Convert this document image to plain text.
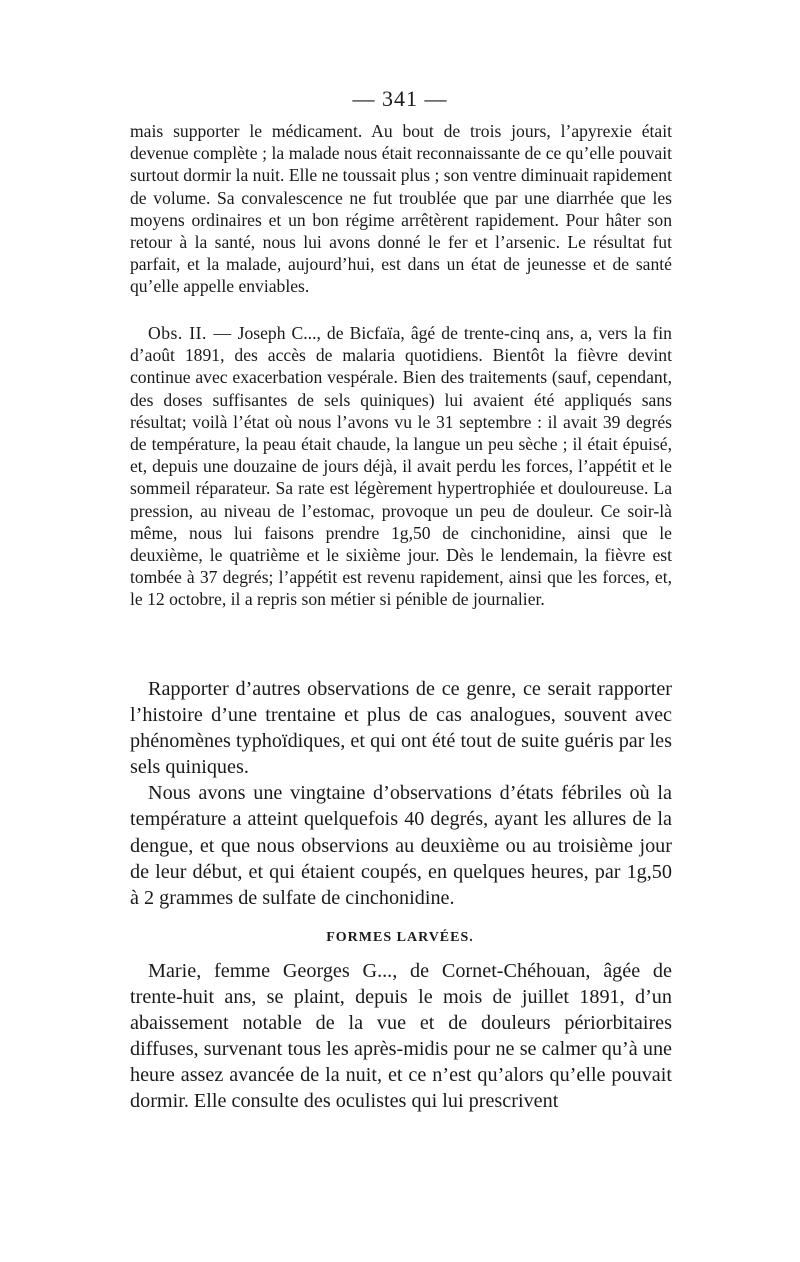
— 341 —

mais supporter le médicament. Au bout de trois jours, l’apyrexie était devenue complète ; la malade nous était reconnaissante de ce qu’elle pouvait surtout dormir la nuit. Elle ne toussait plus ; son ventre diminuait rapidement de volume. Sa convalescence ne fut troublée que par une diarrhée que les moyens ordinaires et un bon régime arrêtèrent rapidement. Pour hâter son retour à la santé, nous lui avons donné le fer et l’arsenic. Le résultat fut parfait, et la malade, aujourd’hui, est dans un état de jeunesse et de santé qu’elle appelle enviables.

Obs. II. — Joseph C..., de Bicfaïa, âgé de trente-cinq ans, a, vers la fin d’août 1891, des accès de malaria quotidiens. Bientôt la fièvre devint continue avec exacerbation vespérale. Bien des traitements (sauf, cependant, des doses suffisantes de sels quiniques) lui avaient été appliqués sans résultat; voilà l’état où nous l’avons vu le 31 septembre : il avait 39 degrés de température, la peau était chaude, la langue un peu sèche ; il était épuisé, et, depuis une douzaine de jours déjà, il avait perdu les forces, l’appétit et le sommeil réparateur. Sa rate est légèrement hypertrophiée et douloureuse. La pression, au niveau de l’estomac, provoque un peu de douleur. Ce soir-là même, nous lui faisons prendre 1g,50 de cinchonidine, ainsi que le deuxième, le quatrième et le sixième jour. Dès le lendemain, la fièvre est tombée à 37 degrés; l’appétit est revenu rapidement, ainsi que les forces, et, le 12 octobre, il a repris son métier si pénible de journalier.

Rapporter d’autres observations de ce genre, ce serait rapporter l’histoire d’une trentaine et plus de cas analogues, souvent avec phénomènes typhoïdiques, et qui ont été tout de suite guéris par les sels quiniques.

Nous avons une vingtaine d’observations d’états fébriles où la température a atteint quelquefois 40 degrés, ayant les allures de la dengue, et que nous observions au deuxième ou au troisième jour de leur début, et qui étaient coupés, en quelques heures, par 1g,50 à 2 grammes de sulfate de cinchonidine.

FORMES LARVÉES.

Marie, femme Georges G..., de Cornet-Chéhouan, âgée de trente-huit ans, se plaint, depuis le mois de juillet 1891, d’un abaissement notable de la vue et de douleurs périorbitaires diffuses, survenant tous les après-midis pour ne se calmer qu’à une heure assez avancée de la nuit, et ce n’est qu’alors qu’elle pouvait dormir. Elle consulte des oculistes qui lui prescrivent
